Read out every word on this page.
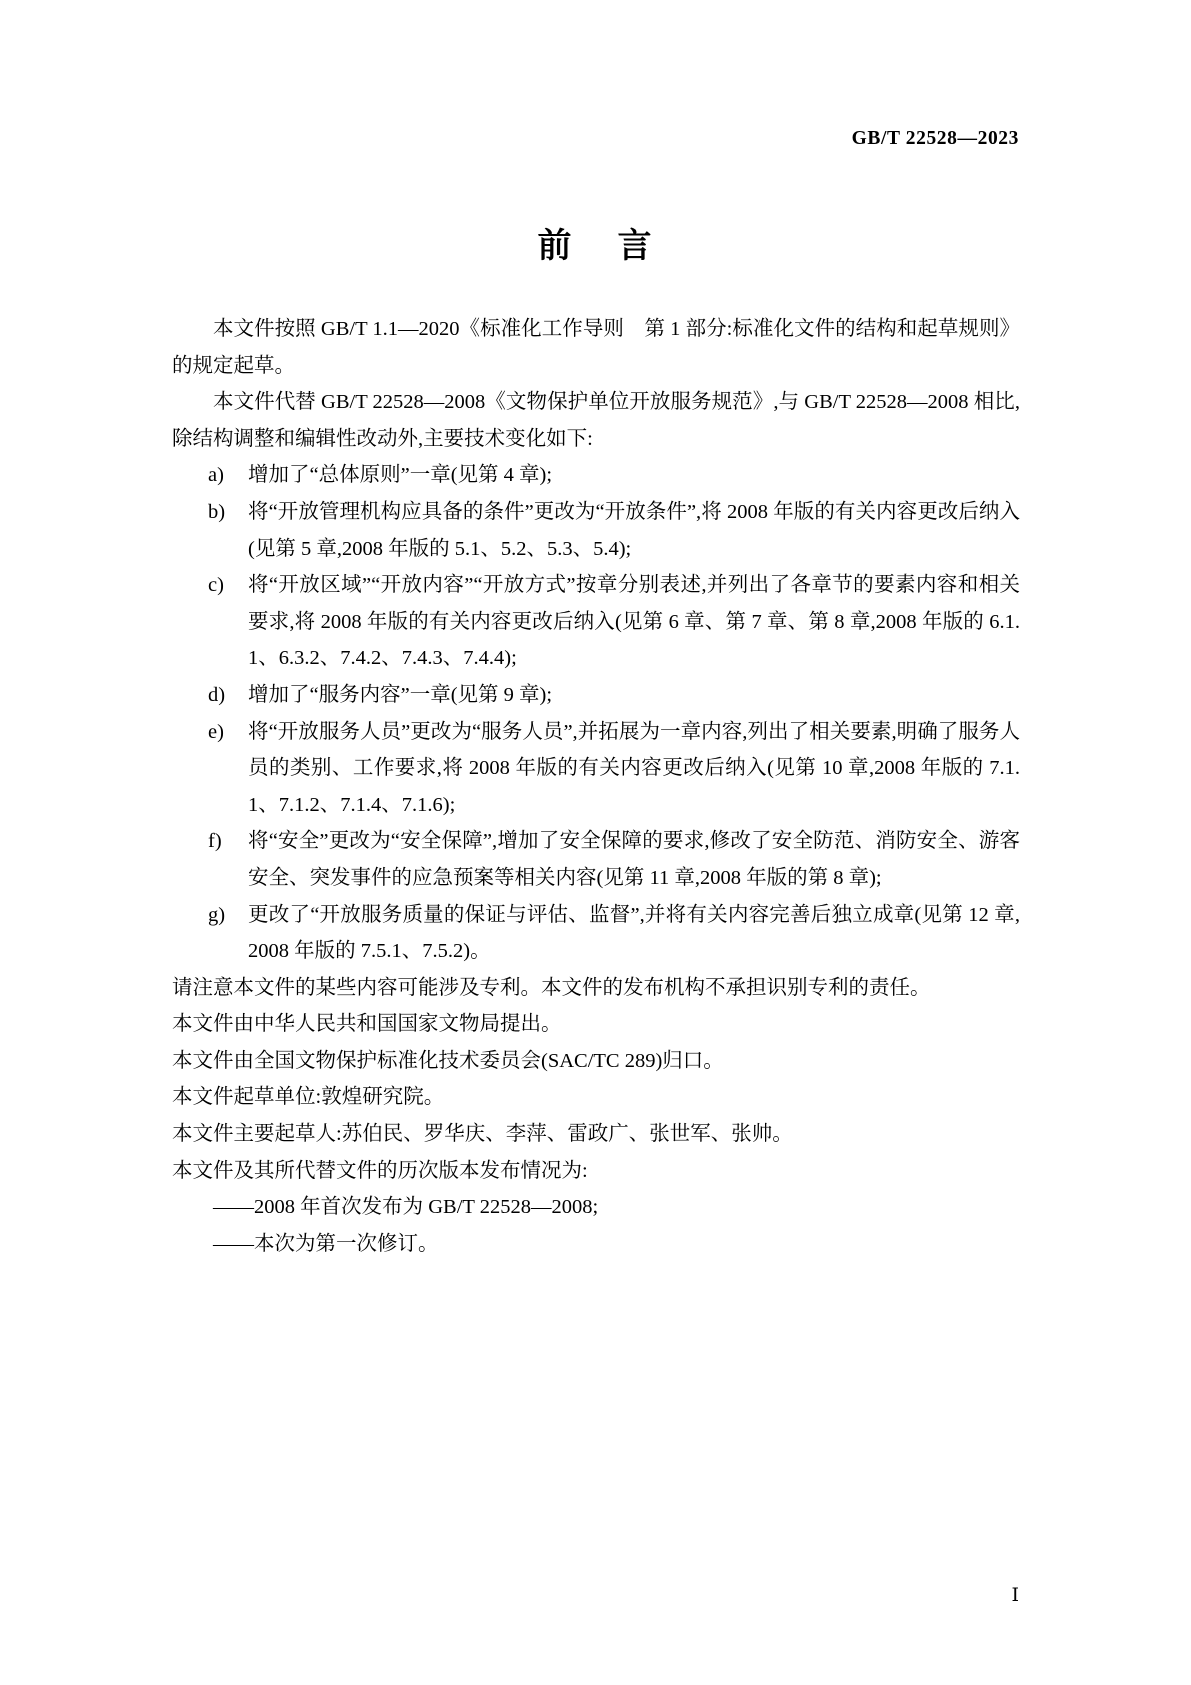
GB/T 22528—2023
前 言

本文件按照 GB/T 1.1—2020《标准化工作导则　第 1 部分:标准化文件的结构和起草规则》的规定起草。

本文件代替 GB/T 22528—2008《文物保护单位开放服务规范》,与 GB/T 22528—2008 相比,除结构调整和编辑性改动外,主要技术变化如下:

a)	增加了“总体原则”一章(见第 4 章);
b)	将“开放管理机构应具备的条件”更改为“开放条件”,将 2008 年版的有关内容更改后纳入(见第 5 章,2008 年版的 5.1、5.2、5.3、5.4);
c)	将“开放区域”“开放内容”“开放方式”按章分别表述,并列出了各章节的要素内容和相关要求,将 2008 年版的有关内容更改后纳入(见第 6 章、第 7 章、第 8 章,2008 年版的 6.1.1、6.3.2、7.4.2、7.4.3、7.4.4);
d)	增加了“服务内容”一章(见第 9 章);
e)	将“开放服务人员”更改为“服务人员”,并拓展为一章内容,列出了相关要素,明确了服务人员的类别、工作要求,将 2008 年版的有关内容更改后纳入(见第 10 章,2008 年版的 7.1.1、7.1.2、7.1.4、7.1.6);
f)	将“安全”更改为“安全保障”,增加了安全保障的要求,修改了安全防范、消防安全、游客安全、突发事件的应急预案等相关内容(见第 11 章,2008 年版的第 8 章);
g)	更改了“开放服务质量的保证与评估、监督”,并将有关内容完善后独立成章(见第 12 章,2008 年版的 7.5.1、7.5.2)。

请注意本文件的某些内容可能涉及专利。本文件的发布机构不承担识别专利的责任。

本文件由中华人民共和国国家文物局提出。

本文件由全国文物保护标准化技术委员会(SAC/TC 289)归口。

本文件起草单位:敦煌研究院。

本文件主要起草人:苏伯民、罗华庆、李萍、雷政广、张世军、张帅。

本文件及其所代替文件的历次版本发布情况为:

——2008 年首次发布为 GB/T 22528—2008;

——本次为第一次修订。

Ⅰ
